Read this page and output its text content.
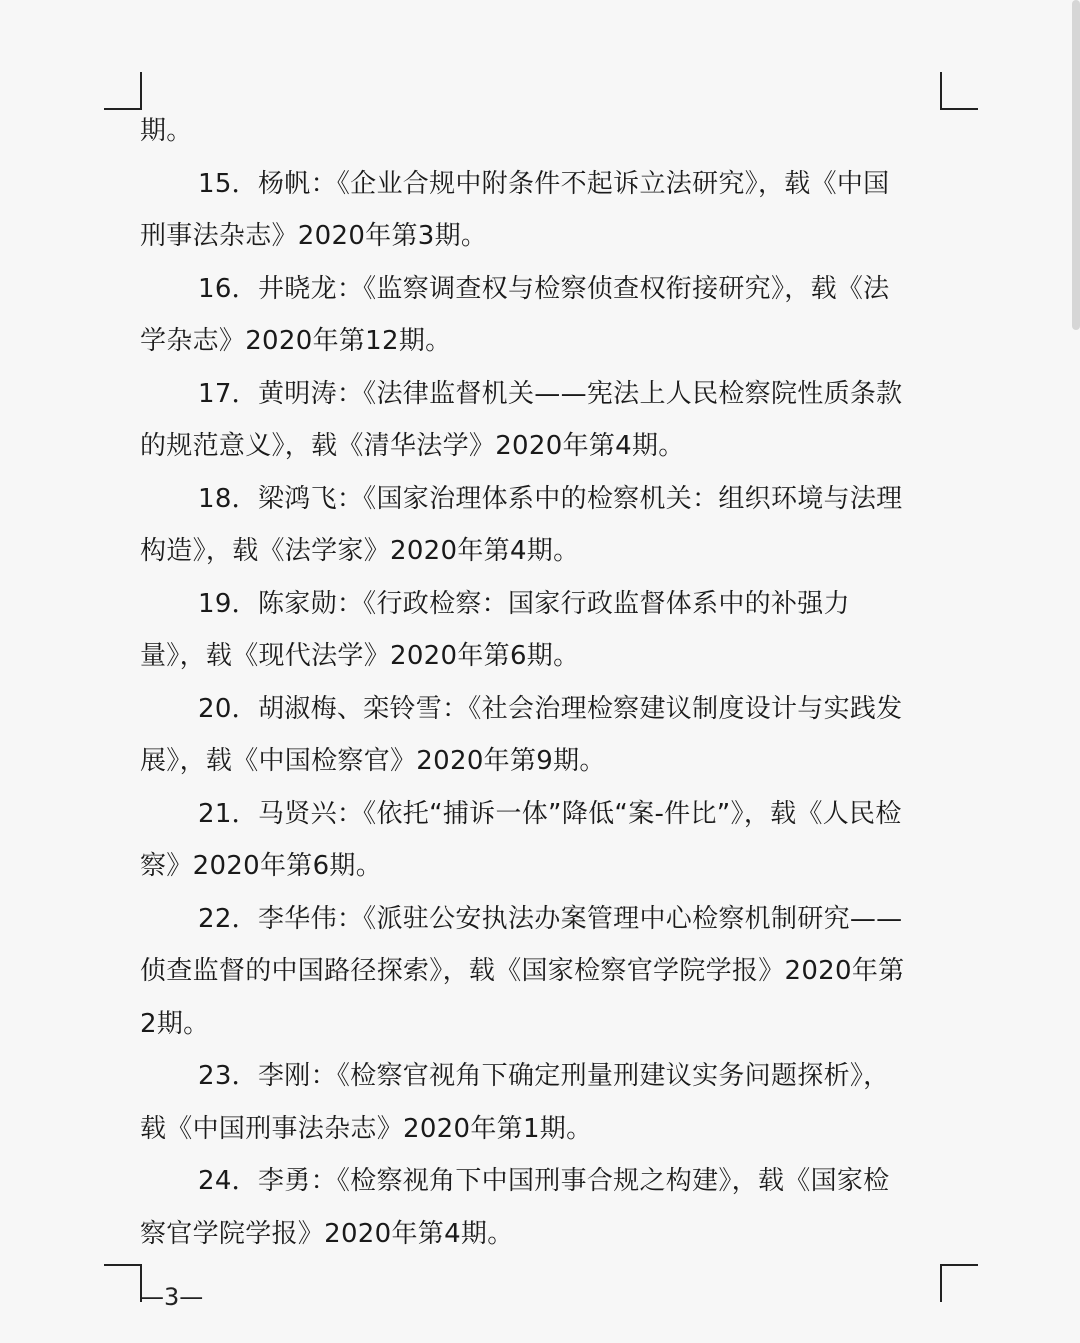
期。
15．杨帆：《企业合规中附条件不起诉立法研究》，载《中国
刑事法杂志》2020年第3期。
16．井晓龙：《监察调查权与检察侦查权衔接研究》，载《法
学杂志》2020年第12期。
17．黄明涛：《法律监督机关——宪法上人民检察院性质条款
的规范意义》，载《清华法学》2020年第4期。
18．梁鸿飞：《国家治理体系中的检察机关：组织环境与法理
构造》，载《法学家》2020年第4期。
19．陈家勋：《行政检察：国家行政监督体系中的补强力
量》，载《现代法学》2020年第6期。
20．胡淑梅、栾铃雪：《社会治理检察建议制度设计与实践发
展》，载《中国检察官》2020年第9期。
21．马贤兴：《依托“捕诉一体”降低“案-件比”》，载《人民检
察》2020年第6期。
22．李华伟：《派驻公安执法办案管理中心检察机制研究——
侦查监督的中国路径探索》，载《国家检察官学院学报》2020年第
2期。
23．李刚：《检察官视角下确定刑量刑建议实务问题探析》，
载《中国刑事法杂志》2020年第1期。
24．李勇：《检察视角下中国刑事合规之构建》，载《国家检
察官学院学报》2020年第4期。
—3—
